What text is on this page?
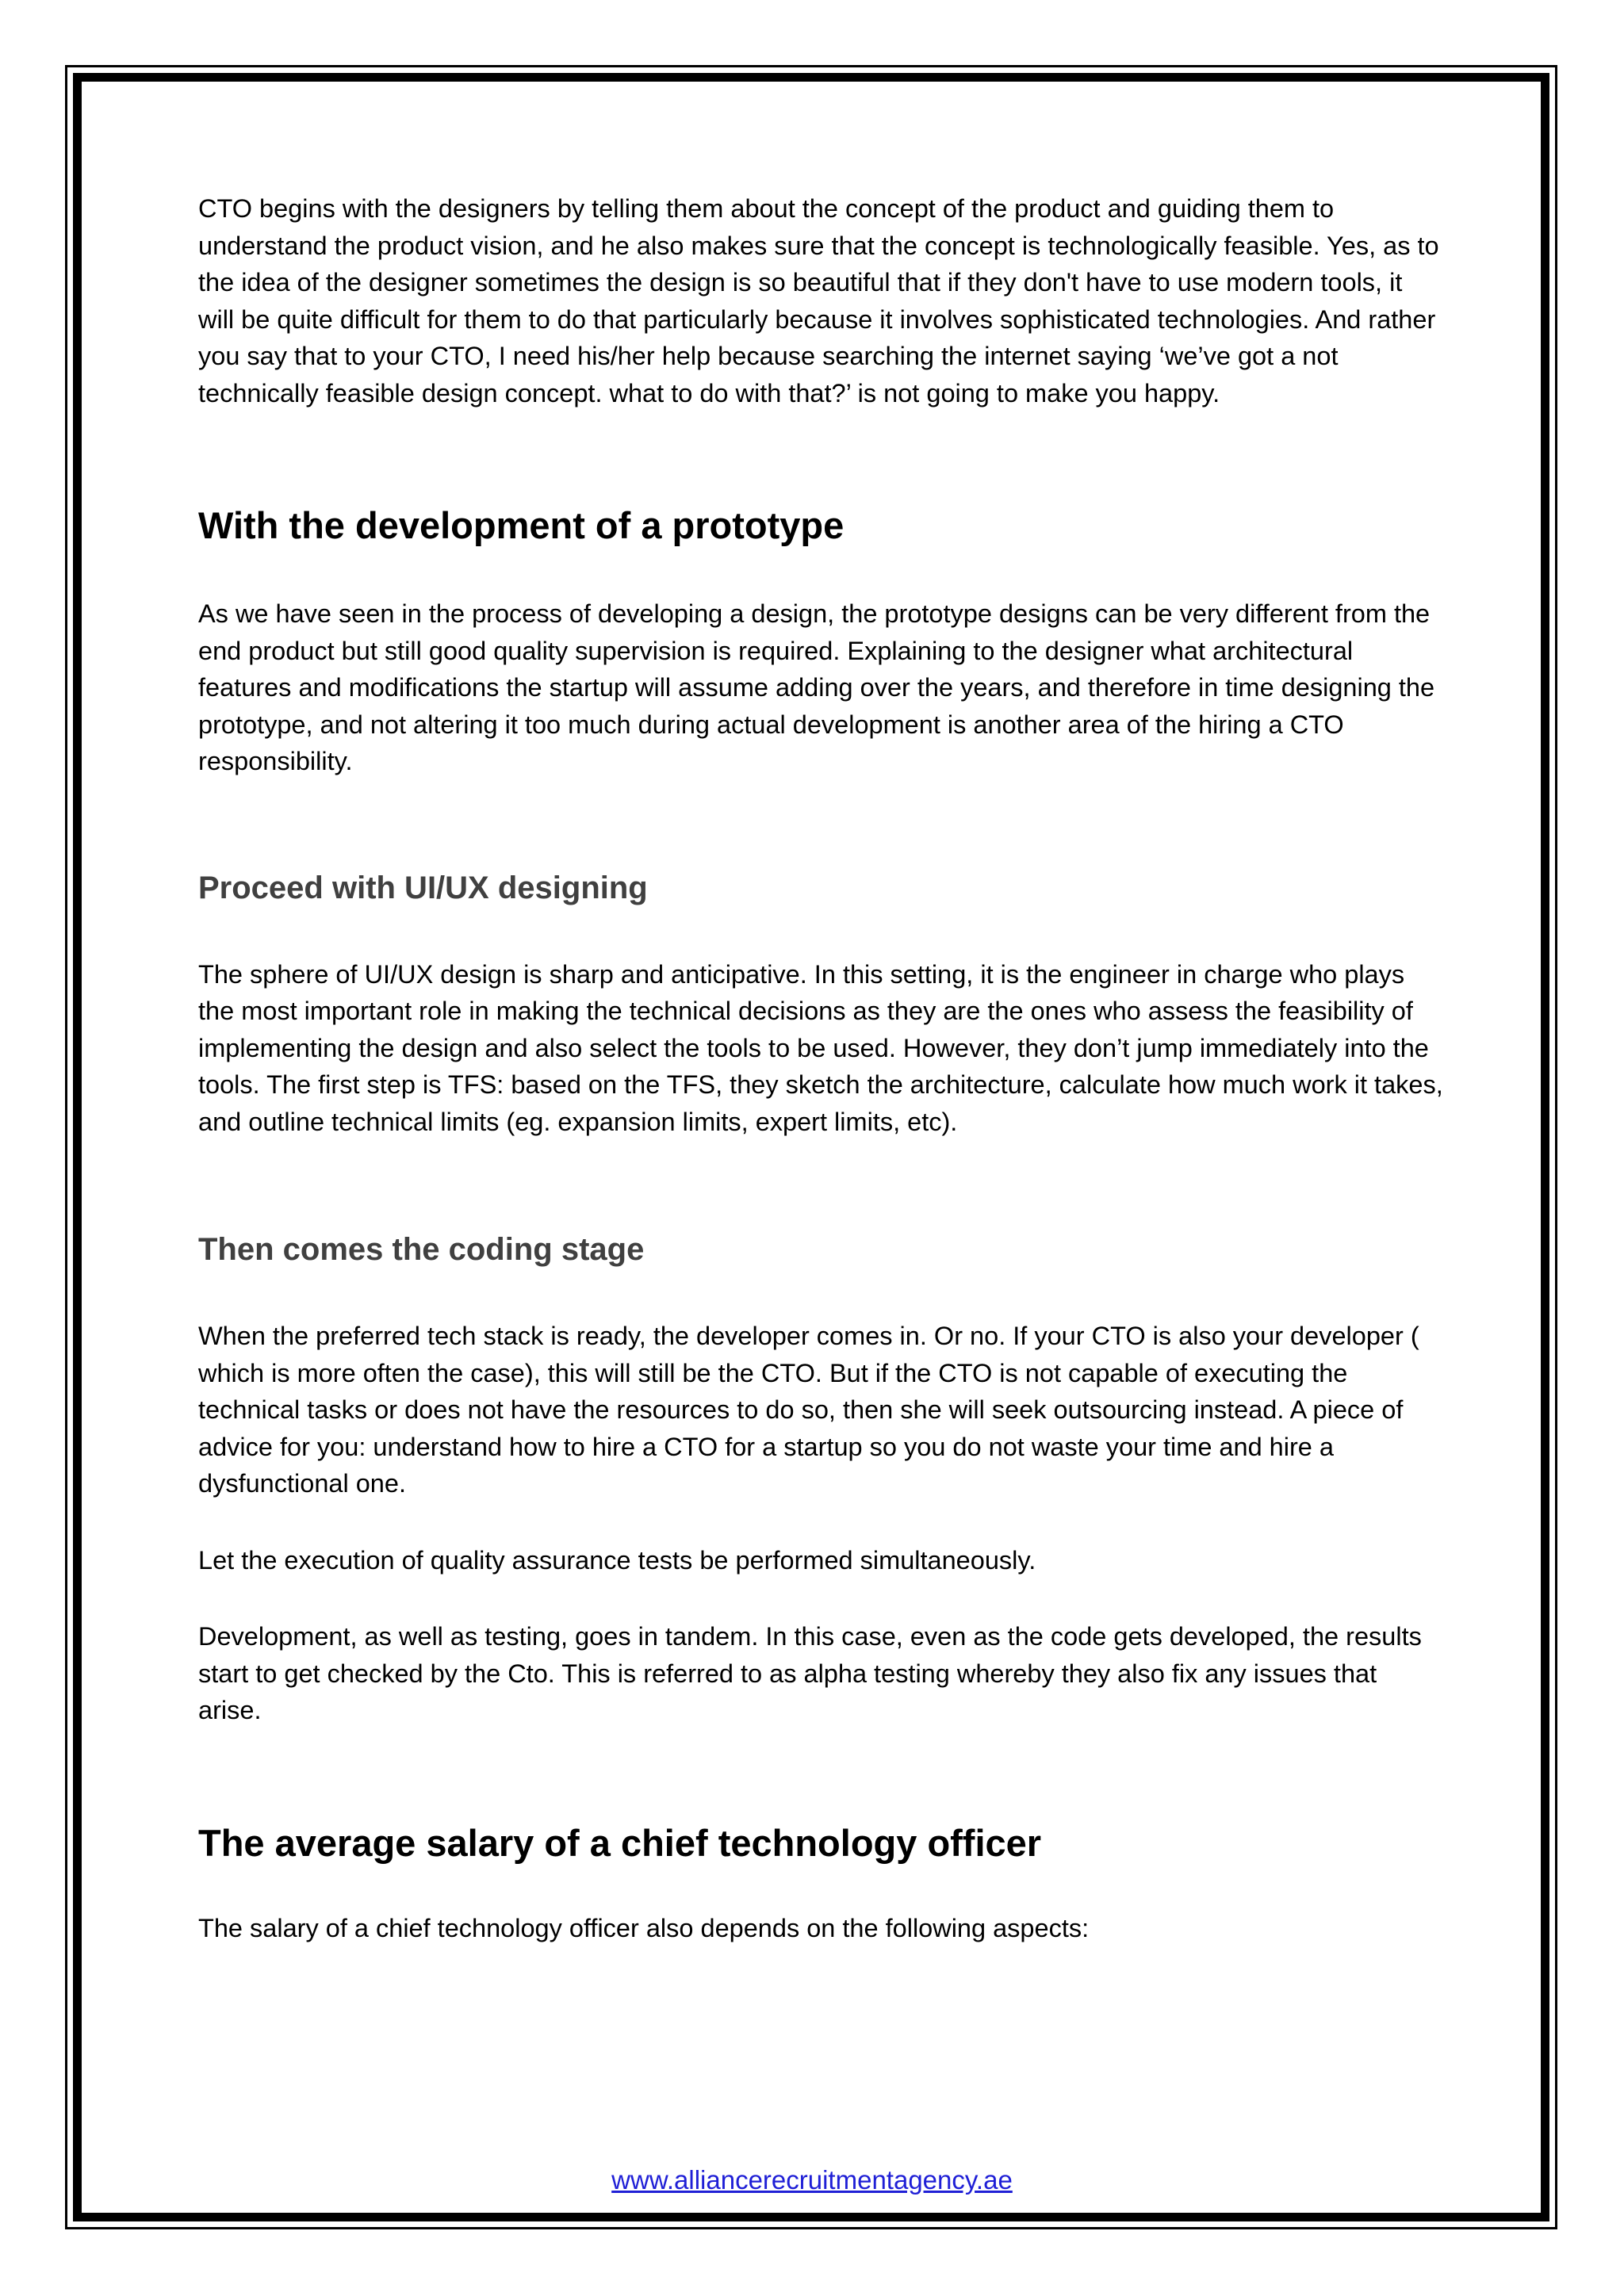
CTO begins with the designers by telling them about the concept of the product and guiding them to understand the product vision, and he also makes sure that the concept is technologically feasible. Yes, as to the idea of the designer sometimes the design is so beautiful that if they don't have to use modern tools, it will be quite difficult for them to do that particularly because it involves sophisticated technologies. And rather you say that to your CTO, I need his/her help because searching the internet saying ‘we’ve got a not technically feasible design concept. what to do with that?’ is not going to make you happy.

With the development of a prototype

As we have seen in the process of developing a design, the prototype designs can be very different from the end product but still good quality supervision is required. Explaining to the designer what architectural features and modifications the startup will assume adding over the years, and therefore in time designing the prototype, and not altering it too much during actual development is another area of the hiring a CTO responsibility.

Proceed with UI/UX designing

The sphere of UI/UX design is sharp and anticipative. In this setting, it is the engineer in charge who plays the most important role in making the technical decisions as they are the ones who assess the feasibility of implementing the design and also select the tools to be used. However, they don’t jump immediately into the tools. The first step is TFS: based on the TFS, they sketch the architecture, calculate how much work it takes, and outline technical limits (eg. expansion limits, expert limits, etc).

Then comes the coding stage

When the preferred tech stack is ready, the developer comes in. Or no. If your CTO is also your developer ( which is more often the case), this will still be the CTO. But if the CTO is not capable of executing the technical tasks or does not have the resources to do so, then she will seek outsourcing instead. A piece of advice for you: understand how to hire a CTO for a startup so you do not waste your time and hire a dysfunctional one.

Let the execution of quality assurance tests be performed simultaneously.

Development, as well as testing, goes in tandem. In this case, even as the code gets developed, the results start to get checked by the Cto. This is referred to as alpha testing whereby they also fix any issues that arise.

The average salary of a chief technology officer

The salary of a chief technology officer also depends on the following aspects:

www.alliancerecruitmentagency.ae
